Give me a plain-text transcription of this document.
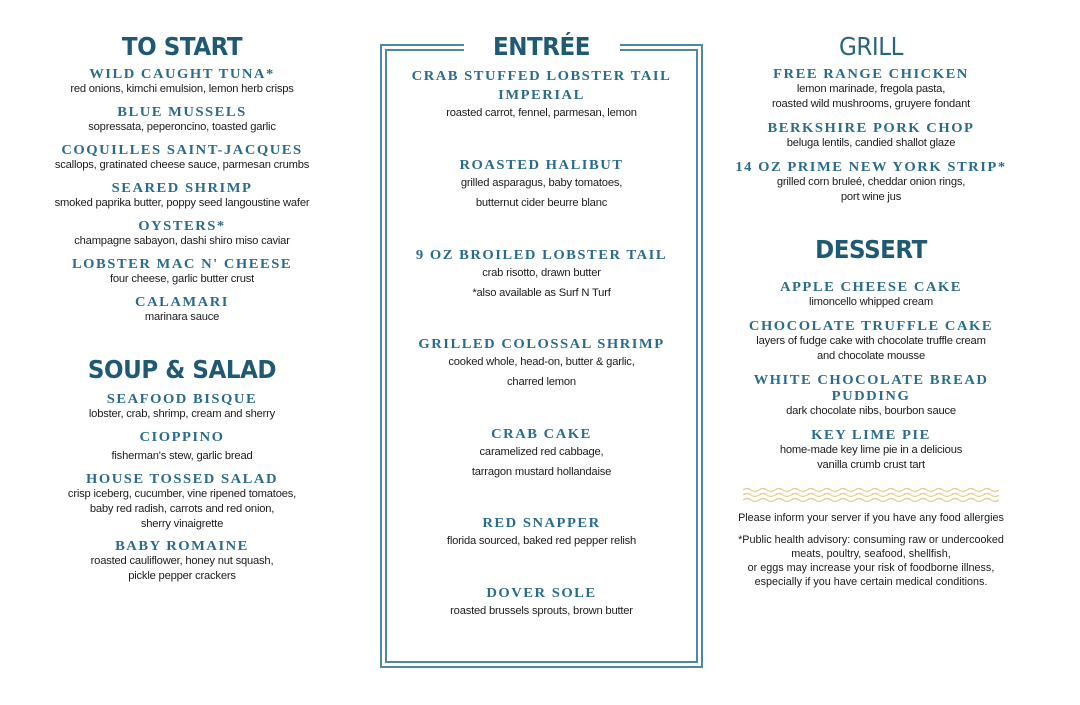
TO START
WILD CAUGHT TUNA*
red onions, kimchi emulsion, lemon herb crisps
BLUE MUSSELS
sopressata, peperoncino, toasted garlic
COQUILLES SAINT-JACQUES
scallops, gratinated cheese sauce, parmesan crumbs
SEARED SHRIMP
smoked paprika butter, poppy seed langoustine wafer
OYSTERS*
champagne sabayon, dashi shiro miso caviar
LOBSTER MAC N' CHEESE
four cheese, garlic butter crust
CALAMARI
marinara sauce
SOUP & SALAD
SEAFOOD BISQUE
lobster, crab, shrimp, cream and sherry
CIOPPINO
fisherman's stew, garlic bread
HOUSE TOSSED SALAD
crisp iceberg, cucumber, vine ripened tomatoes,
baby red radish, carrots and red onion,
sherry vinaigrette
BABY ROMAINE
roasted cauliflower, honey nut squash,
pickle pepper crackers
ENTRÉE
CRAB STUFFED LOBSTER TAIL
IMPERIAL
roasted carrot, fennel, parmesan, lemon
ROASTED HALIBUT
grilled asparagus, baby tomatoes,
butternut cider beurre blanc
9 OZ BROILED LOBSTER TAIL
crab risotto, drawn butter
*also available as Surf N Turf
GRILLED COLOSSAL SHRIMP
cooked whole, head-on, butter & garlic,
charred lemon
CRAB CAKE
caramelized red cabbage,
tarragon mustard hollandaise
RED SNAPPER
florida sourced, baked red pepper relish
DOVER SOLE
roasted brussels sprouts, brown butter
GRILL
FREE RANGE CHICKEN
lemon marinade, fregola pasta,
roasted wild mushrooms, gruyere fondant
BERKSHIRE PORK CHOP
beluga lentils, candied shallot glaze
14 OZ PRIME NEW YORK STRIP*
grilled corn bruleé, cheddar onion rings,
port wine jus
DESSERT
APPLE CHEESE CAKE
limoncello whipped cream
CHOCOLATE TRUFFLE CAKE
layers of fudge cake with chocolate truffle cream
and chocolate mousse
WHITE CHOCOLATE BREAD
PUDDING
dark chocolate nibs, bourbon sauce
KEY LIME PIE
home-made key lime pie in a delicious
vanilla crumb crust tart

Please inform your server if you have any food allergies

*Public health advisory: consuming raw or undercooked
meats, poultry, seafood, shellfish,
or eggs may increase your risk of foodborne illness,
especially if you have certain medical conditions.
